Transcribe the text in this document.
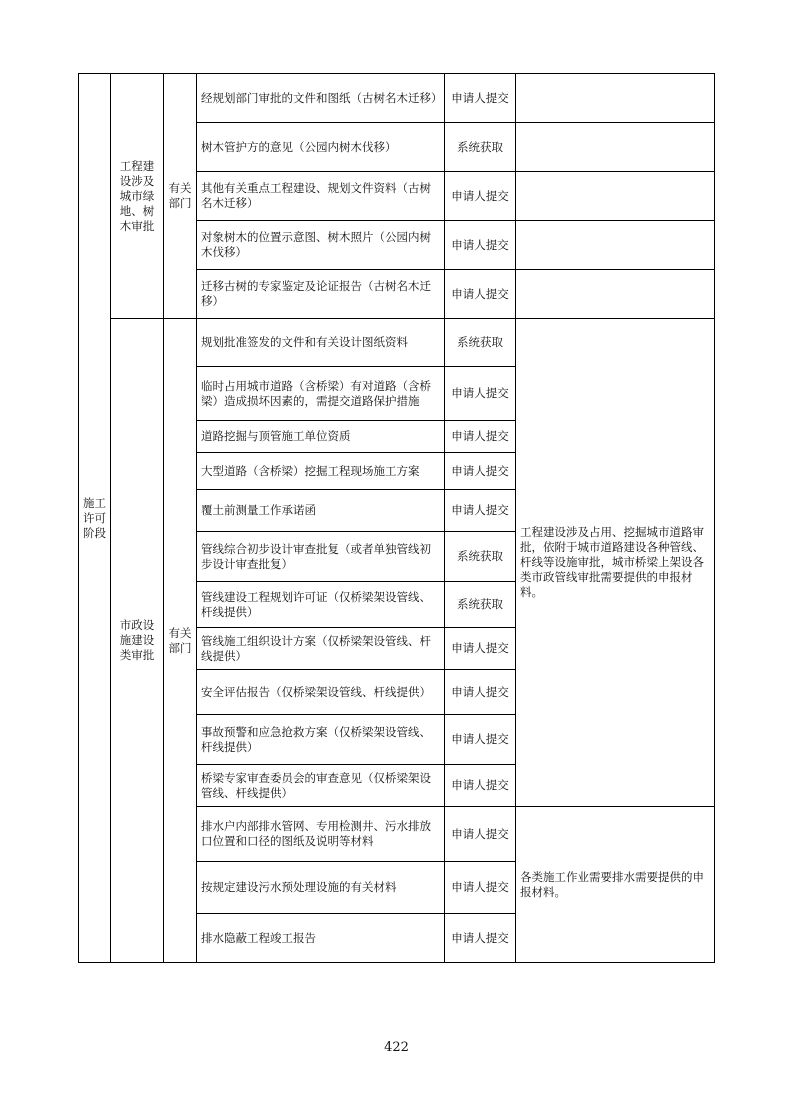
施工许可阶段	工程建设涉及城市绿地、树木审批	有关部门	经规划部门审批的文件和图纸（古树名木迁移）	申请人提交	
			树木管护方的意见（公园内树木伐移）	系统获取	
			其他有关重点工程建设、规划文件资料（古树名木迁移）	申请人提交	
			对象树木的位置示意图、树木照片（公园内树木伐移）	申请人提交	
			迁移古树的专家鉴定及论证报告（古树名木迁移）	申请人提交	
	市政设施建设类审批	有关部门	规划批准签发的文件和有关设计图纸资料	系统获取	工程建设涉及占用、挖掘城市道路审批，依附于城市道路建设各种管线、杆线等设施审批，城市桥梁上架设各类市政管线审批需要提供的申报材料。
			临时占用城市道路（含桥梁）有对道路（含桥梁）造成损坏因素的，需提交道路保护措施	申请人提交	
			道路挖掘与顶管施工单位资质	申请人提交	
			大型道路（含桥梁）挖掘工程现场施工方案	申请人提交	
			覆土前测量工作承诺函	申请人提交	
			管线综合初步设计审查批复（或者单独管线初步设计审查批复）	系统获取	
			管线建设工程规划许可证（仅桥梁架设管线、杆线提供）	系统获取	
			管线施工组织设计方案（仅桥梁架设管线、杆线提供）	申请人提交	
			安全评估报告（仅桥梁架设管线、杆线提供）	申请人提交	
			事故预警和应急抢救方案（仅桥梁架设管线、杆线提供）	申请人提交	
			桥梁专家审查委员会的审查意见（仅桥梁架设管线、杆线提供）	申请人提交	
			排水户内部排水管网、专用检测井、污水排放口位置和口径的图纸及说明等材料	申请人提交	各类施工作业需要排水需要提供的申报材料。
			按规定建设污水预处理设施的有关材料	申请人提交	
			排水隐蔽工程竣工报告	申请人提交	
422
